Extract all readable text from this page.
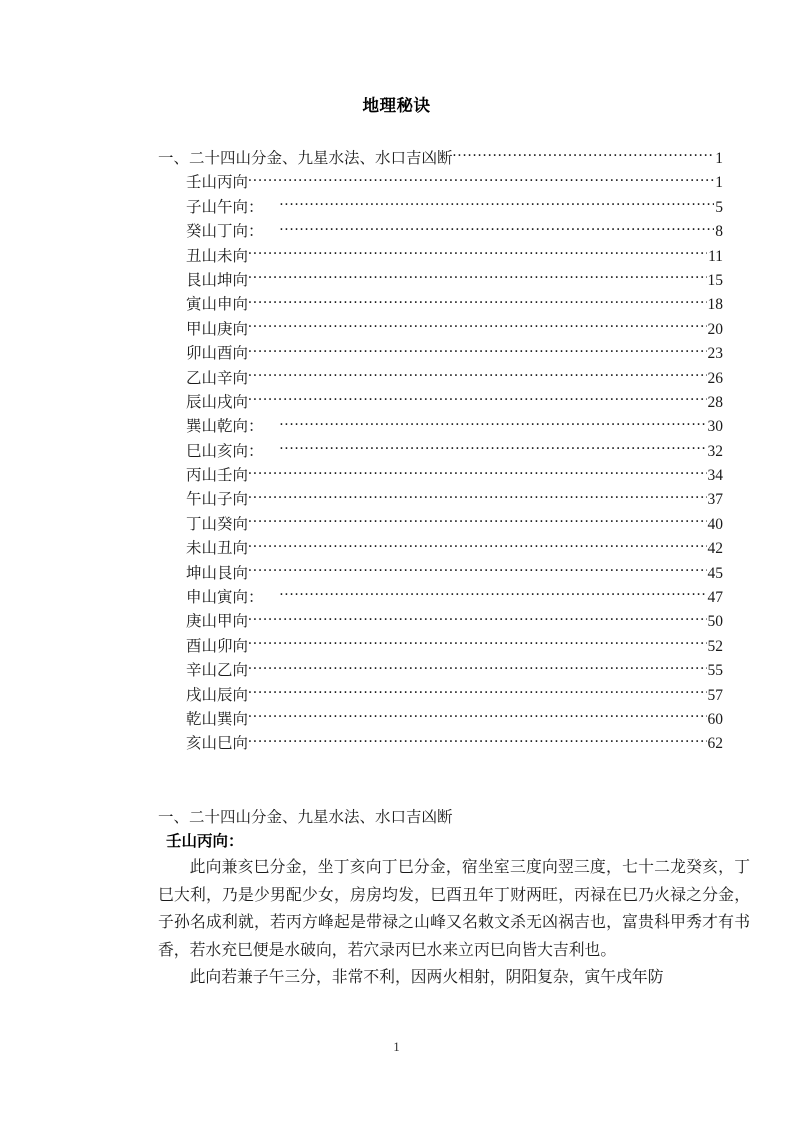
地理秘诀
一、二十四山分金、九星水法、水口吉凶断 .....	1
壬山丙向 .....	1
子山午向： .....	5
癸山丁向： .....	8
丑山未向 .....	11
艮山坤向 .....	15
寅山申向 .....	18
甲山庚向 .....	20
卯山酉向 .....	23
乙山辛向 .....	26
辰山戌向 .....	28
巽山乾向： .....	30
巳山亥向： .....	32
丙山壬向 .....	34
午山子向 .....	37
丁山癸向 .....	40
未山丑向 .....	42
坤山艮向 .....	45
申山寅向： .....	47
庚山甲向 .....	50
酉山卯向 .....	52
辛山乙向 .....	55
戌山辰向 .....	57
乾山巽向 .....	60
亥山巳向 .....	62
一、二十四山分金、九星水法、水口吉凶断
壬山丙向：

此向兼亥巳分金，坐丁亥向丁巳分金，宿坐室三度向翌三度，七十二龙癸亥，丁巳大利，乃是少男配少女，房房均发，巳酉丑年丁财两旺，丙禄在巳乃火禄之分金，子孙名成利就，若丙方峰起是带禄之山峰又名敕文杀无凶祸吉也，富贵科甲秀才有书香，若水充巳便是水破向，若穴录丙巳水来立丙巳向皆大吉利也。

此向若兼子午三分，非常不利，因两火相射，阴阳复杂，寅午戌年防

1
